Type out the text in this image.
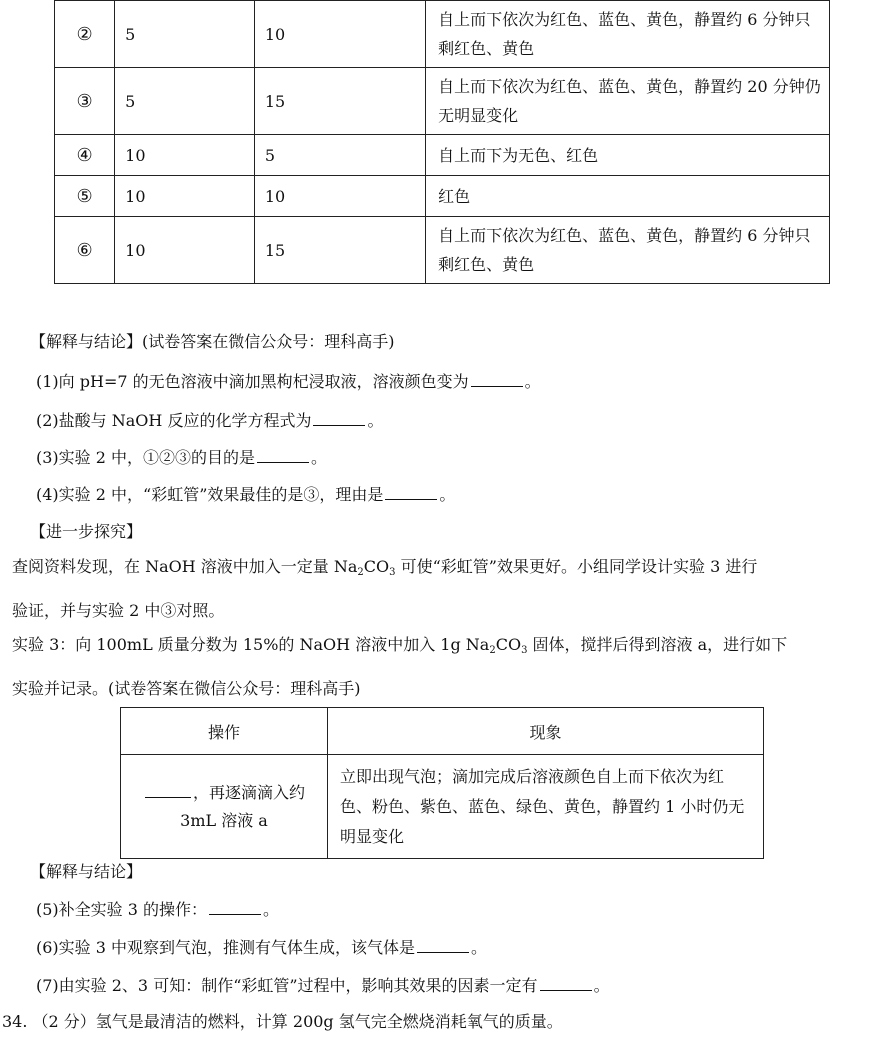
②	5	10	自上而下依次为红色、蓝色、黄色，静置约 6 分钟只剩红色、黄色
③	5	15	自上而下依次为红色、蓝色、黄色，静置约 20 分钟仍无明显变化
④	10	5	自上而下为无色、红色
⑤	10	10	红色
⑥	10	15	自上而下依次为红色、蓝色、黄色，静置约 6 分钟只剩红色、黄色
【解释与结论】(试卷答案在微信公众号：理科高手)
(1)向 pH=7 的无色溶液中滴加黑枸杞浸取液，溶液颜色变为	。
(2)盐酸与 NaOH 反应的化学方程式为	。
(3)实验 2 中，①②③的目的是	。
(4)实验 2 中，“彩虹管”效果最佳的是③，理由是	。
【进一步探究】
查阅资料发现，在 NaOH 溶液中加入一定量 $Na_2CO_3$ 可使“彩虹管”效果更好。小组同学设计实验 3 进行
验证，并与实验 2 中③对照。
实验 3：向 100mL 质量分数为 15%的 NaOH 溶液中加入 1g $Na_2CO_3$ 固体，搅拌后得到溶液 a，进行如下
实验并记录。(试卷答案在微信公众号：理科高手)
操作	现象

，再逐滴滴入约
3mL 溶液 a	立即出现气泡；滴加完成后溶液颜色自上而下依次为红色、粉色、紫色、蓝色、绿色、黄色，静置约 1 小时仍无明显变化
【解释与结论】
(5)补全实验 3 的操作：	。
(6)实验 3 中观察到气泡，推测有气体生成，该气体是	。
(7)由实验 2、3 可知：制作“彩虹管”过程中，影响其效果的因素一定有	。
34. （2 分）氢气是最清洁的燃料，计算 200g 氢气完全燃烧消耗氧气的质量。
